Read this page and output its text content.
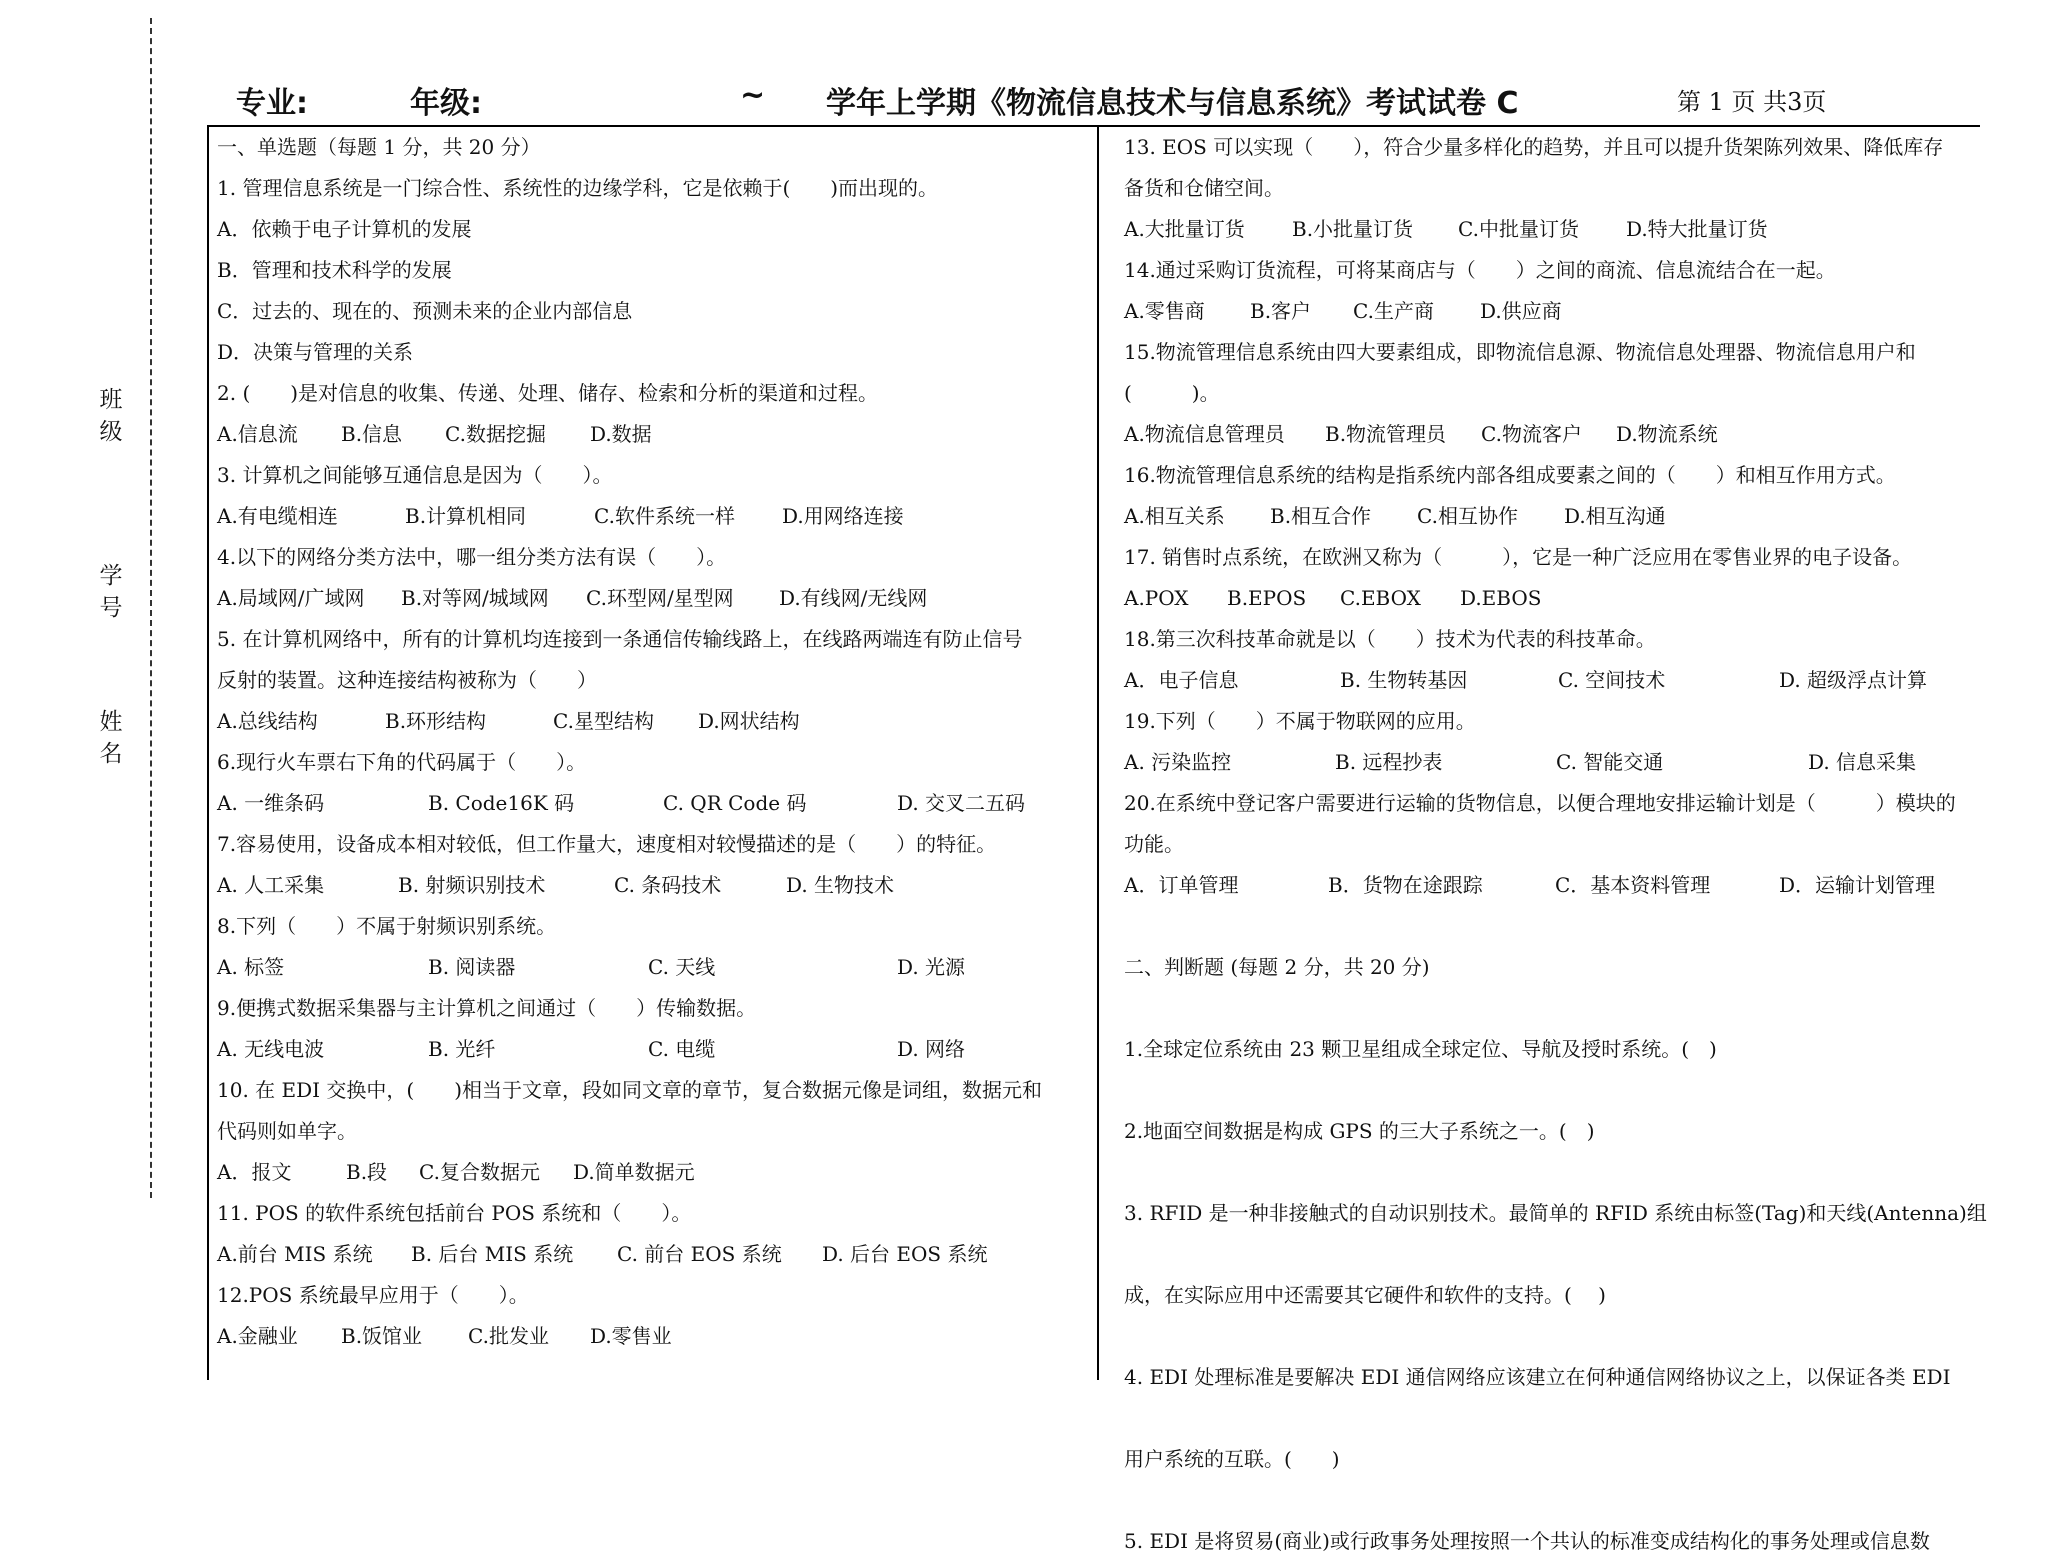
班级
学号
姓名
专业:	年级:	~ 学年上学期《物流信息技术与信息系统》考试试卷 C	第 1 页 共3页
一、单选题（每题 1 分，共 20 分）
1. 管理信息系统是一门综合性、系统性的边缘学科，它是依赖于(　　)而出现的。
A．依赖于电子计算机的发展
B．管理和技术科学的发展
C．过去的、现在的、预测未来的企业内部信息
D．决策与管理的关系
2. (　　)是对信息的收集、传递、处理、储存、检索和分析的渠道和过程。
A.信息流 B.信息 C.数据挖掘 D.数据
3. 计算机之间能够互通信息是因为（　　）。
A.有电缆相连	B.计算机相同	C.软件系统一样 D.用网络连接
4.以下的网络分类方法中，哪一组分类方法有误（　　）。
A.局域网/广域网 B.对等网/城域网 C.环型网/星型网 D.有线网/无线网
5. 在计算机网络中，所有的计算机均连接到一条通信传输线路上，在线路两端连有防止信号
反射的装置。这种连接结构被称为（　　）
A.总线结构	B.环形结构	C.星型结构 D.网状结构
6.现行火车票右下角的代码属于（　　）。
A. 一维条码	B. Code16K 码	C. QR Code 码	D. 交叉二五码
7.容易使用，设备成本相对较低，但工作量大，速度相对较慢描述的是（　　）的特征。
A. 人工采集	B. 射频识别技术	C. 条码技术	D. 生物技术
8.下列（　　）不属于射频识别系统。
A. 标签	B. 阅读器	C. 天线	D. 光源
9.便携式数据采集器与主计算机之间通过（　　）传输数据。
A. 无线电波	B. 光纤	C. 电缆	D. 网络
10. 在 EDI 交换中，(　　)相当于文章，段如同文章的章节，复合数据元像是词组，数据元和
代码则如单字。
A．报文	B.段 C.复合数据元 D.简单数据元
11. POS 的软件系统包括前台 POS 系统和（　　）。
A.前台 MIS 系统 B. 后台 MIS 系统 C. 前台 EOS 系统 D. 后台 EOS 系统
12.POS 系统最早应用于（　　）。
A.金融业 B.饭馆业 C.批发业 D.零售业
13. EOS 可以实现（　　），符合少量多样化的趋势，并且可以提升货架陈列效果、降低库存
备货和仓储空间。
A.大批量订货 B.小批量订货 C.中批量订货 D.特大批量订货
14.通过采购订货流程，可将某商店与（　　）之间的商流、信息流结合在一起。
A.零售商 B.客户 C.生产商 D.供应商
15.物流管理信息系统由四大要素组成，即物流信息源、物流信息处理器、物流信息用户和
(　　　)。
A.物流信息管理员 B.物流管理员 C.物流客户 D.物流系统
16.物流管理信息系统的结构是指系统内部各组成要素之间的（　　）和相互作用方式。
A.相互关系 B.相互合作 C.相互协作 D.相互沟通
17. 销售时点系统，在欧洲又称为（　　　），它是一种广泛应用在零售业界的电子设备。
A.POX B.EPOS C.EBOX D.EBOS
18.第三次科技革命就是以（　　）技术为代表的科技革命。
A．电子信息	B. 生物转基因	C. 空间技术	D. 超级浮点计算
19.下列（　　）不属于物联网的应用。
A. 污染监控	B. 远程抄表	C. 智能交通	D. 信息采集
20.在系统中登记客户需要进行运输的货物信息，以便合理地安排运输计划是（　　　）模块的
功能。
A．订单管理	B．货物在途跟踪	C．基本资料管理	D．运输计划管理
二、判断题 (每题 2 分，共 20 分)
1.全球定位系统由 23 颗卫星组成全球定位、导航及授时系统。(　)
2.地面空间数据是构成 GPS 的三大子系统之一。(　)
3. RFID 是一种非接触式的自动识别技术。最简单的 RFID 系统由标签(Tag)和天线(Antenna)组
成，在实际应用中还需要其它硬件和软件的支持。(　 )
4. EDI 处理标准是要解决 EDI 通信网络应该建立在何种通信网络协议之上，以保证各类 EDI
用户系统的互联。(　　)
5. EDI 是将贸易(商业)或行政事务处理按照一个共认的标准变成结构化的事务处理或信息数
